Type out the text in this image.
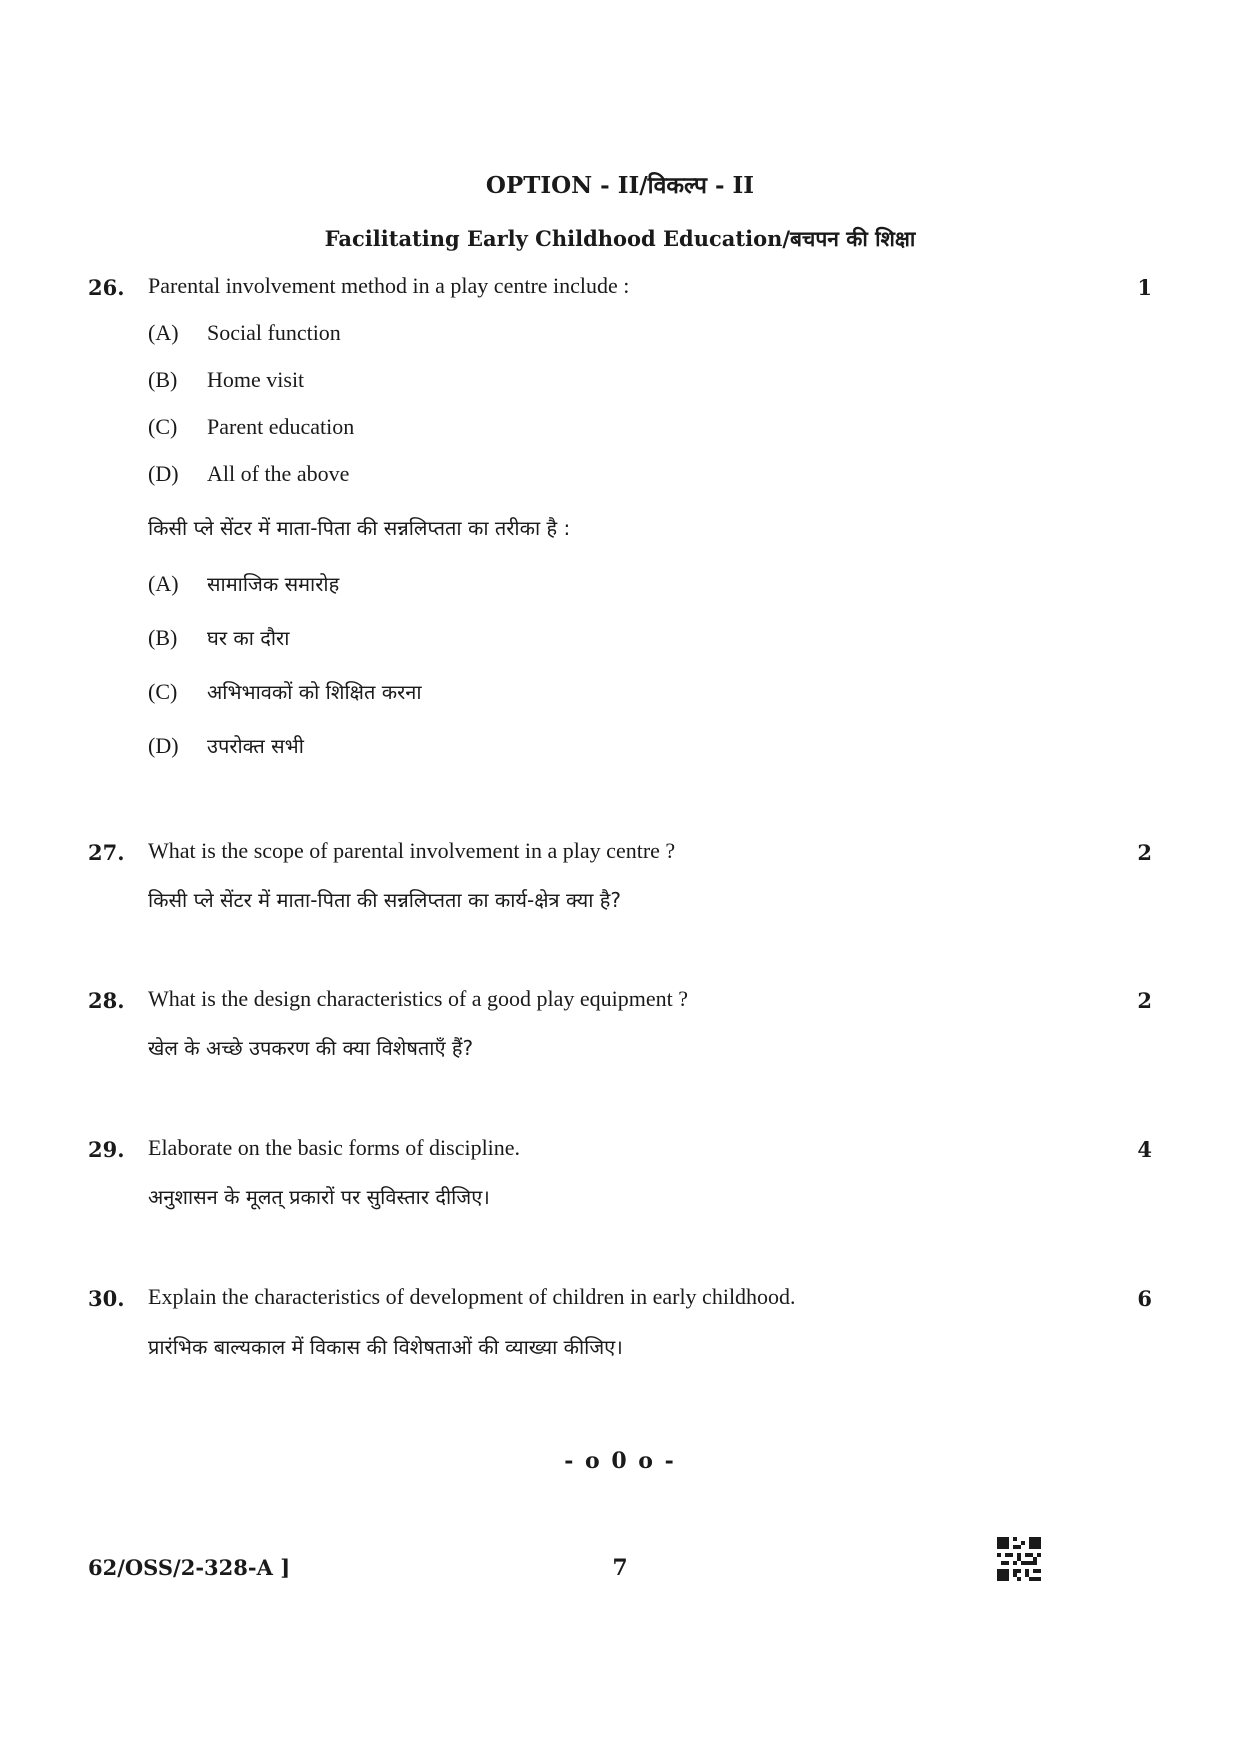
OPTION - II/विकल्प - II
Facilitating Early Childhood Education/बचपन की शिक्षा
26. Parental involvement method in a play centre include :	1
(A) Social function
(B) Home visit
(C) Parent education
(D) All of the above
किसी प्ले सेंटर में माता-पिता की सन्नलिप्तता का तरीका है :
(A) सामाजिक समारोह
(B) घर का दौरा
(C) अभिभावकों को शिक्षित करना
(D) उपरोक्त सभी
27. What is the scope of parental involvement in a play centre ?	2
किसी प्ले सेंटर में माता-पिता की सन्नलिप्तता का कार्य-क्षेत्र क्या है?
28. What is the design characteristics of a good play equipment ?	2
खेल के अच्छे उपकरण की क्या विशेषताएँ हैं?
29. Elaborate on the basic forms of discipline.	4
अनुशासन के मूलत् प्रकारों पर सुविस्तार दीजिए।
30. Explain the characteristics of development of children in early childhood.	6
प्रारंभिक बाल्यकाल में विकास की विशेषताओं की व्याख्या कीजिए।
- o 0 o -
62/OSS/2-328-A ]	7
